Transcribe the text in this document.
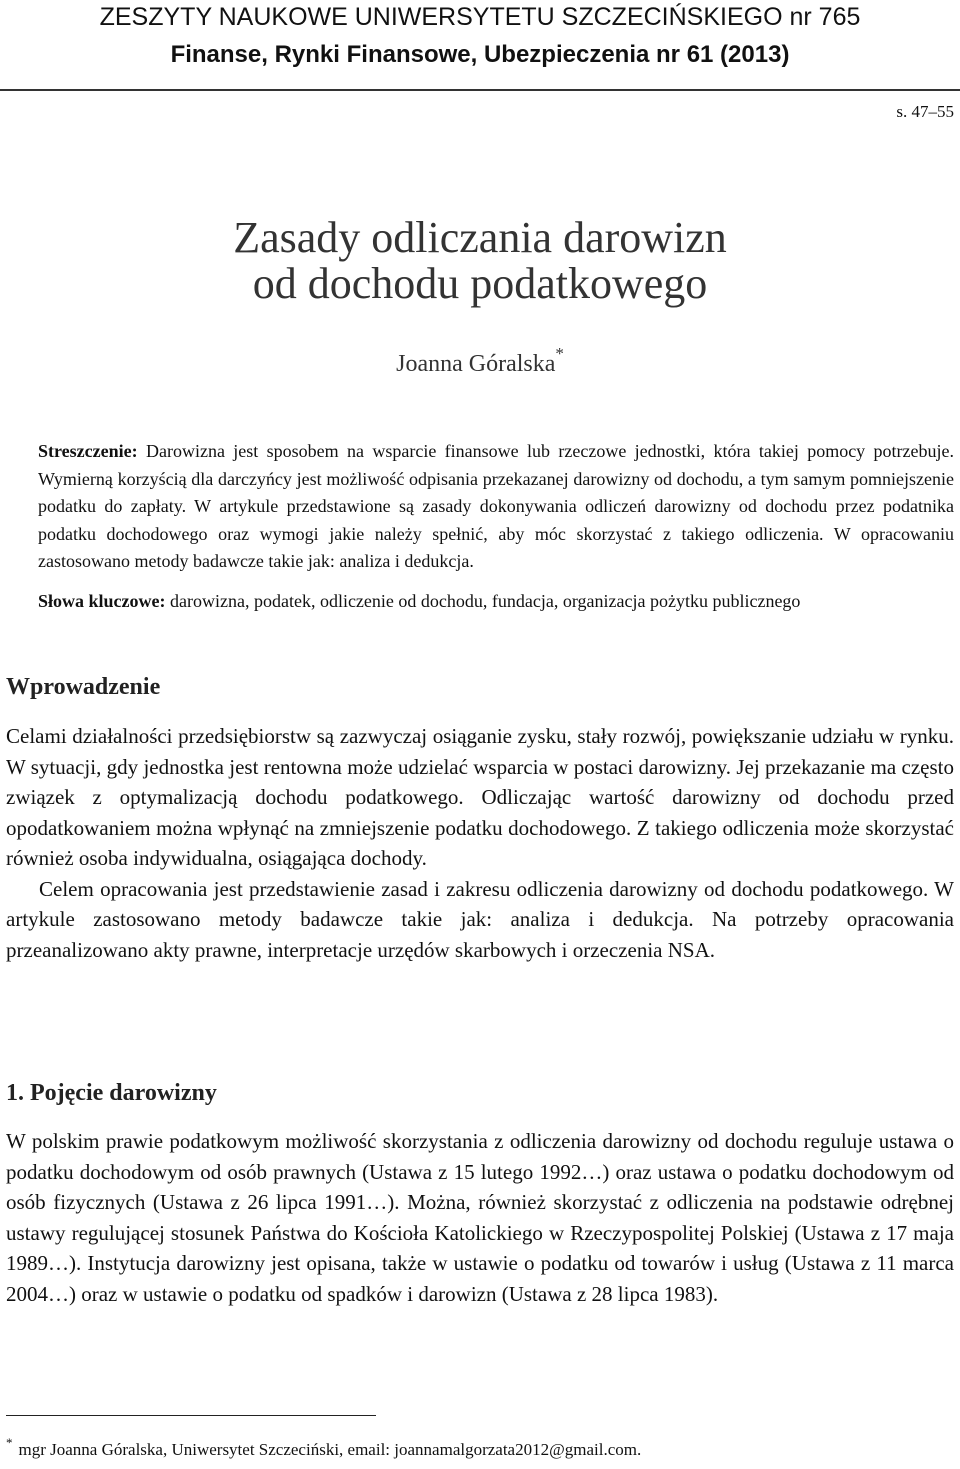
ZESZYTY NAUKOWE UNIWERSYTETU SZCZECIŃSKIEGO nr 765
Finanse, Rynki Finansowe, Ubezpieczenia nr 61 (2013)
s. 47–55
Zasady odliczania darowizn
od dochodu podatkowego
Joanna Góralska*
Streszczenie: Darowizna jest sposobem na wsparcie finansowe lub rzeczowe jednostki, która takiej pomocy potrzebuje. Wymierną korzyścią dla darczyńcy jest możliwość odpisania przekazanej darowizny od dochodu, a tym samym pomniejszenie podatku do zapłaty. W artykule przedstawione są zasady dokonywania odliczeń darowizny od dochodu przez podatnika podatku dochodowego oraz wymogi jakie należy spełnić, aby móc skorzystać z takiego odliczenia. W opracowaniu zastosowano metody badawcze takie jak: analiza i dedukcja.
Słowa kluczowe: darowizna, podatek, odliczenie od dochodu, fundacja, organizacja pożytku publicznego
Wprowadzenie

Celami działalności przedsiębiorstw są zazwyczaj osiąganie zysku, stały rozwój, powiększanie udziału w rynku. W sytuacji, gdy jednostka jest rentowna może udzielać wsparcia w postaci darowizny. Jej przekazanie ma często związek z optymalizacją dochodu podatkowego. Odliczając wartość darowizny od dochodu przed opodatkowaniem można wpłynąć na zmniejszenie podatku dochodowego. Z takiego odliczenia może skorzystać również osoba indywidualna, osiągająca dochody.

Celem opracowania jest przedstawienie zasad i zakresu odliczenia darowizny od dochodu podatkowego. W artykule zastosowano metody badawcze takie jak: analiza i dedukcja. Na potrzeby opracowania przeanalizowano akty prawne, interpretacje urzędów skarbowych i orzeczenia NSA.

1. Pojęcie darowizny

W polskim prawie podatkowym możliwość skorzystania z odliczenia darowizny od dochodu reguluje ustawa o podatku dochodowym od osób prawnych (Ustawa z 15 lutego 1992…) oraz ustawa o podatku dochodowym od osób fizycznych (Ustawa z 26 lipca 1991…). Można, również skorzystać z odliczenia na podstawie odrębnej ustawy regulującej stosunek Państwa do Kościoła Katolickiego w Rzeczypospolitej Polskiej (Ustawa z 17 maja 1989…). Instytucja darowizny jest opisana, także w ustawie o podatku od towarów i usług (Ustawa z 11 marca 2004…) oraz w ustawie o podatku od spadków i darowizn (Ustawa z 28 lipca 1983).

* mgr Joanna Góralska, Uniwersytet Szczeciński, email: joannamalgorzata2012@gmail.com.
